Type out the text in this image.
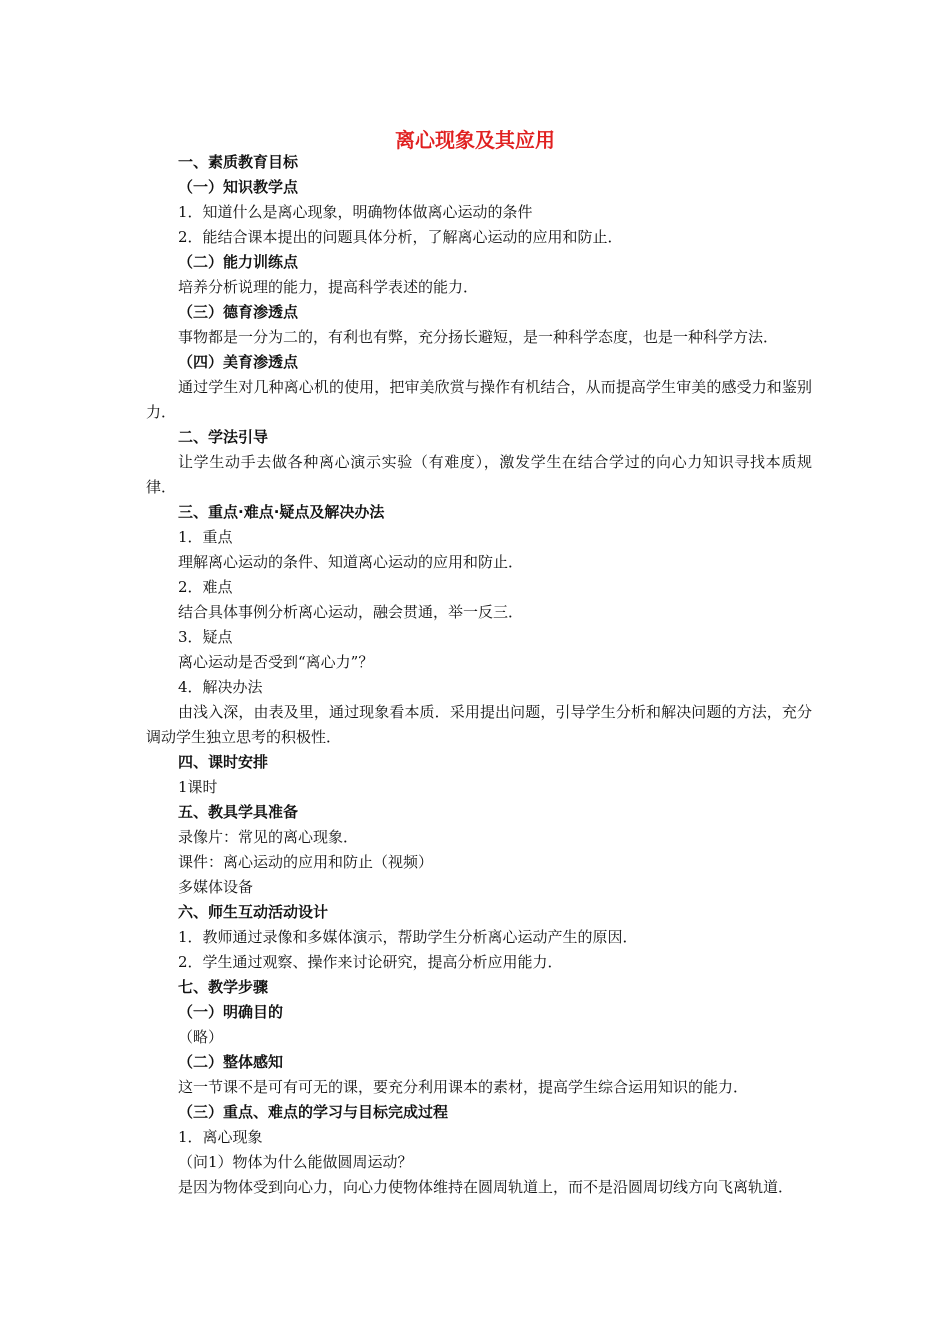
离心现象及其应用
一、素质教育目标
（一）知识教学点
1．知道什么是离心现象，明确物体做离心运动的条件
2．能结合课本提出的问题具体分析，了解离心运动的应用和防止．
（二）能力训练点
培养分析说理的能力，提高科学表述的能力．
（三）德育渗透点
事物都是一分为二的，有利也有弊，充分扬长避短，是一种科学态度，也是一种科学方法．
（四）美育渗透点
通过学生对几种离心机的使用，把审美欣赏与操作有机结合，从而提高学生审美的感受力和鉴别力．
二、学法引导
让学生动手去做各种离心演示实验（有难度），激发学生在结合学过的向心力知识寻找本质规律．
三、重点·难点·疑点及解决办法
1．重点
理解离心运动的条件、知道离心运动的应用和防止．
2．难点
结合具体事例分析离心运动，融会贯通，举一反三．
3．疑点
离心运动是否受到“离心力”？
4．解决办法
由浅入深，由表及里，通过现象看本质．采用提出问题，引导学生分析和解决问题的方法，充分调动学生独立思考的积极性．
四、课时安排
1课时
五、教具学具准备
录像片：常见的离心现象．
课件：离心运动的应用和防止（视频）
多媒体设备
六、师生互动活动设计
1．教师通过录像和多媒体演示，帮助学生分析离心运动产生的原因．
2．学生通过观察、操作来讨论研究，提高分析应用能力．
七、教学步骤
（一）明确目的
（略）
（二）整体感知
这一节课不是可有可无的课，要充分利用课本的素材，提高学生综合运用知识的能力．
（三）重点、难点的学习与目标完成过程
1．离心现象
（问1）物体为什么能做圆周运动？
是因为物体受到向心力，向心力使物体维持在圆周轨道上，而不是沿圆周切线方向飞离轨道．
